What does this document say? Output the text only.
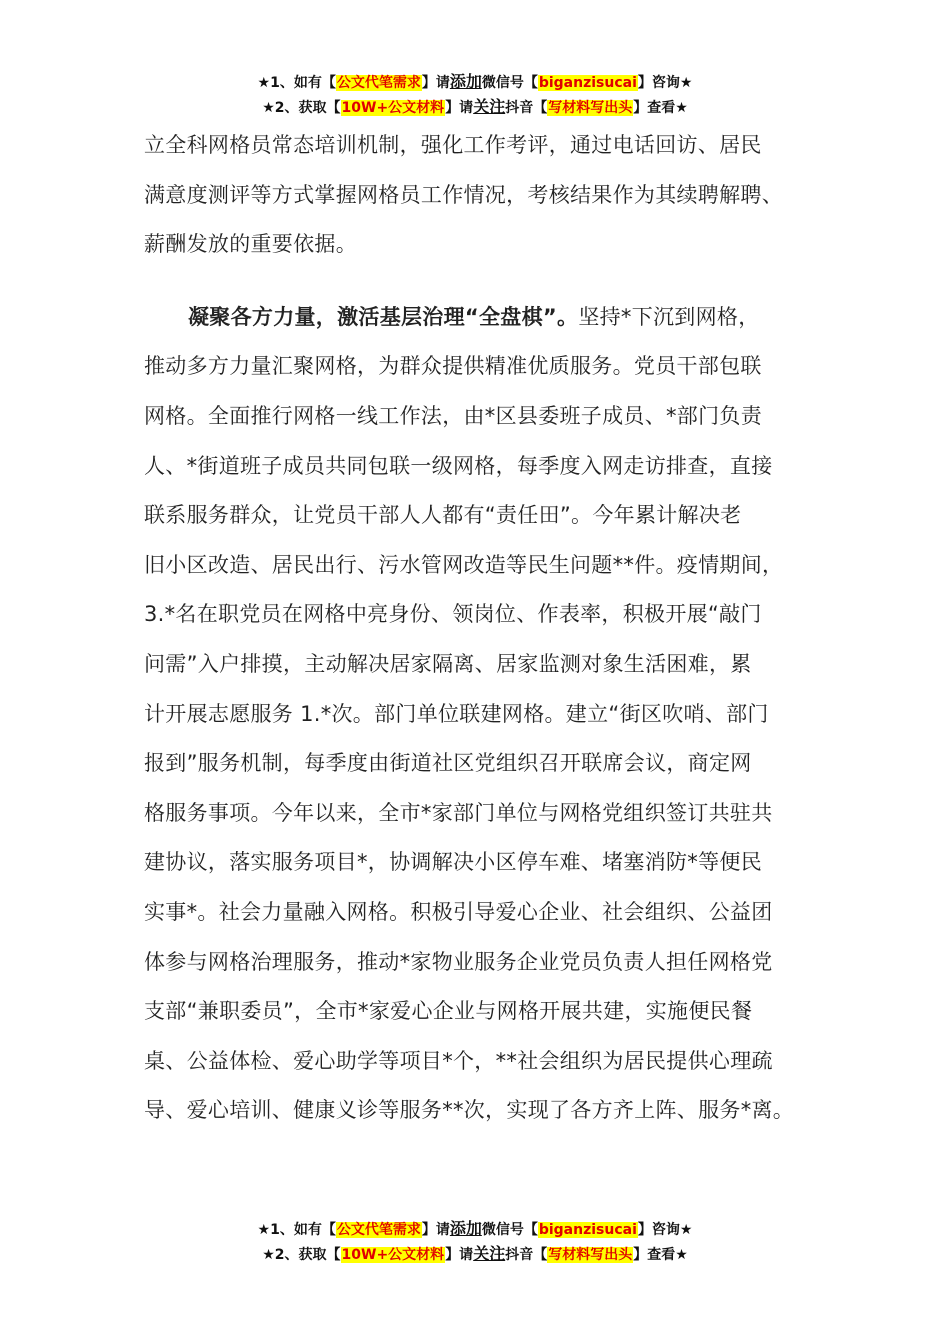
★1、如有【公文代笔需求】请添加微信号【biganzisucai】咨询★
★2、获取【10W+公文材料】请关注抖音【写材料写出头】查看★
立全科网格员常态培训机制，强化工作考评，通过电话回访、居民
满意度测评等方式掌握网格员工作情况，考核结果作为其续聘解聘、
薪酬发放的重要依据。
凝聚各方力量，激活基层治理“全盘棋”。坚持*下沉到网格，
推动多方力量汇聚网格，为群众提供精准优质服务。党员干部包联
网格。全面推行网格一线工作法，由*区县委班子成员、*部门负责
人、*街道班子成员共同包联一级网格，每季度入网走访排查，直接
联系服务群众，让党员干部人人都有“责任田”。今年累计解决老
旧小区改造、居民出行、污水管网改造等民生问题**件。疫情期间，
3.*名在职党员在网格中亮身份、领岗位、作表率，积极开展“敲门
问需”入户排摸，主动解决居家隔离、居家监测对象生活困难，累
计开展志愿服务 1.*次。部门单位联建网格。建立“街区吹哨、部门
报到”服务机制，每季度由街道社区党组织召开联席会议，商定网
格服务事项。今年以来，全市*家部门单位与网格党组织签订共驻共
建协议，落实服务项目*，协调解决小区停车难、堵塞消防*等便民
实事*。社会力量融入网格。积极引导爱心企业、社会组织、公益团
体参与网格治理服务，推动*家物业服务企业党员负责人担任网格党
支部“兼职委员”，全市*家爱心企业与网格开展共建，实施便民餐
桌、公益体检、爱心助学等项目*个，**社会组织为居民提供心理疏
导、爱心培训、健康义诊等服务**次，实现了各方齐上阵、服务*离。
★1、如有【公文代笔需求】请添加微信号【biganzisucai】咨询★
★2、获取【10W+公文材料】请关注抖音【写材料写出头】查看★
